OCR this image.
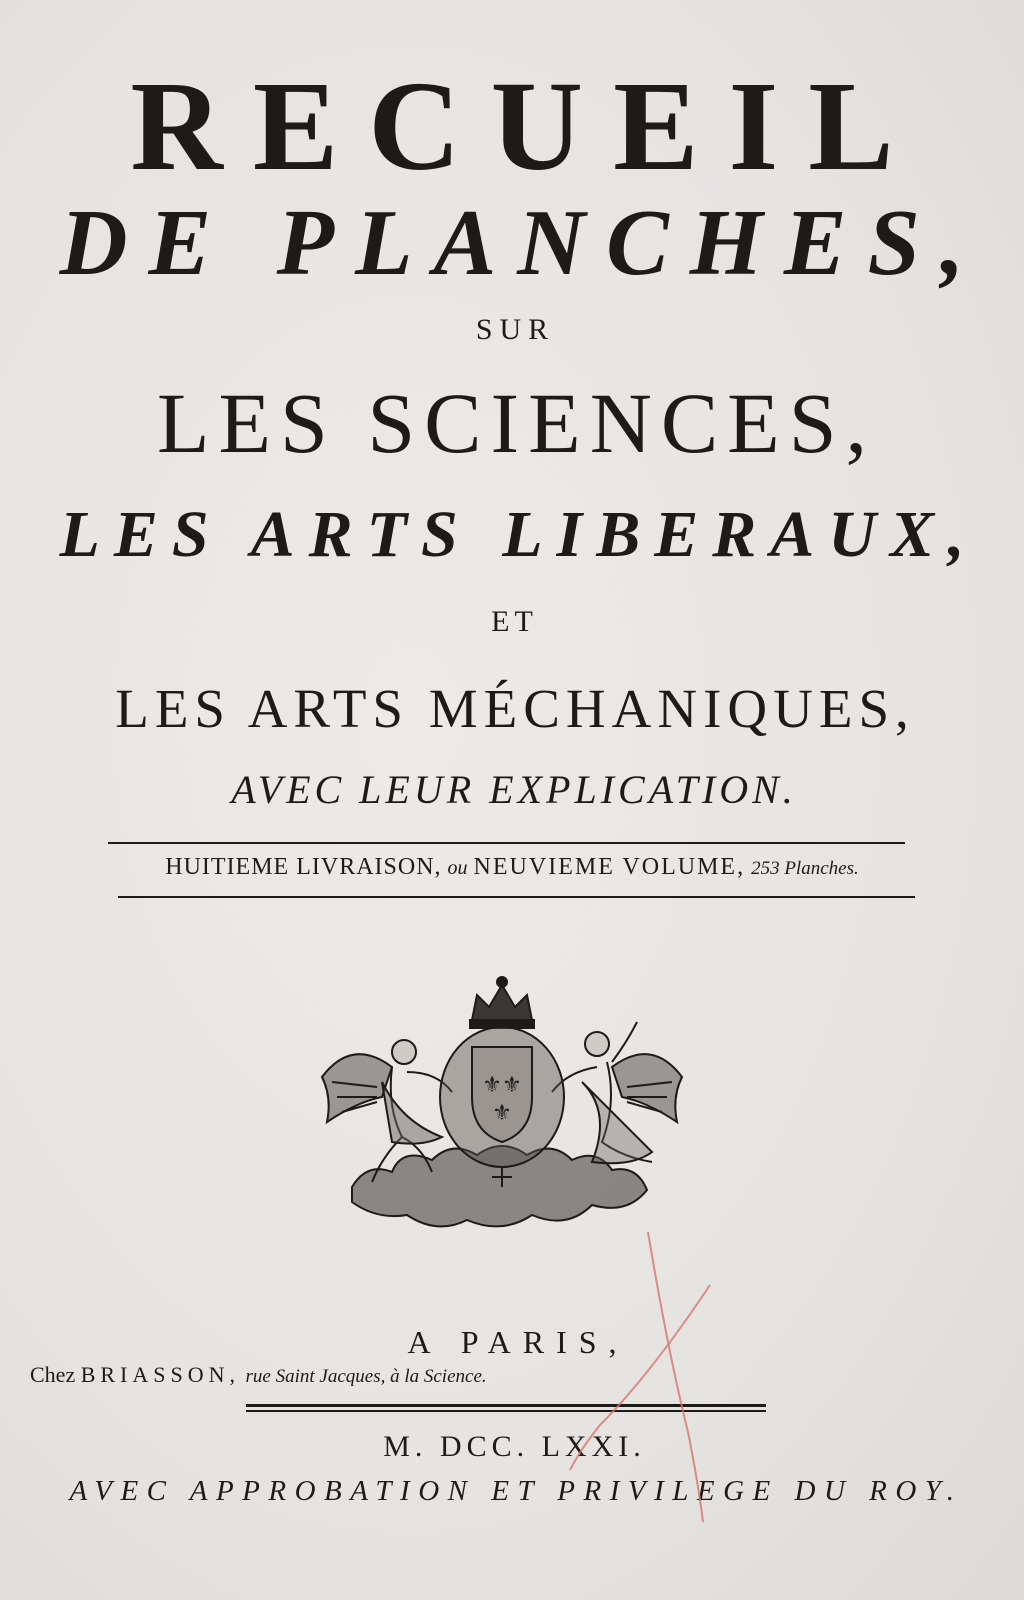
RECUEIL
DE PLANCHES,
SUR
LES SCIENCES,
LES ARTS LIBERAUX,
ET
LES ARTS MÉCHANIQUES,
AVEC LEUR EXPLICATION.
HUITIEME LIVRAISON, ou NEUVIEME VOLUME, 253 Planches.
⚜⚜
⚜
A PARIS,
Chez BRIASSON, rue Saint Jacques, à la Science.
M. DCC. LXXI.
AVEC APPROBATION ET PRIVILEGE DU ROY.
